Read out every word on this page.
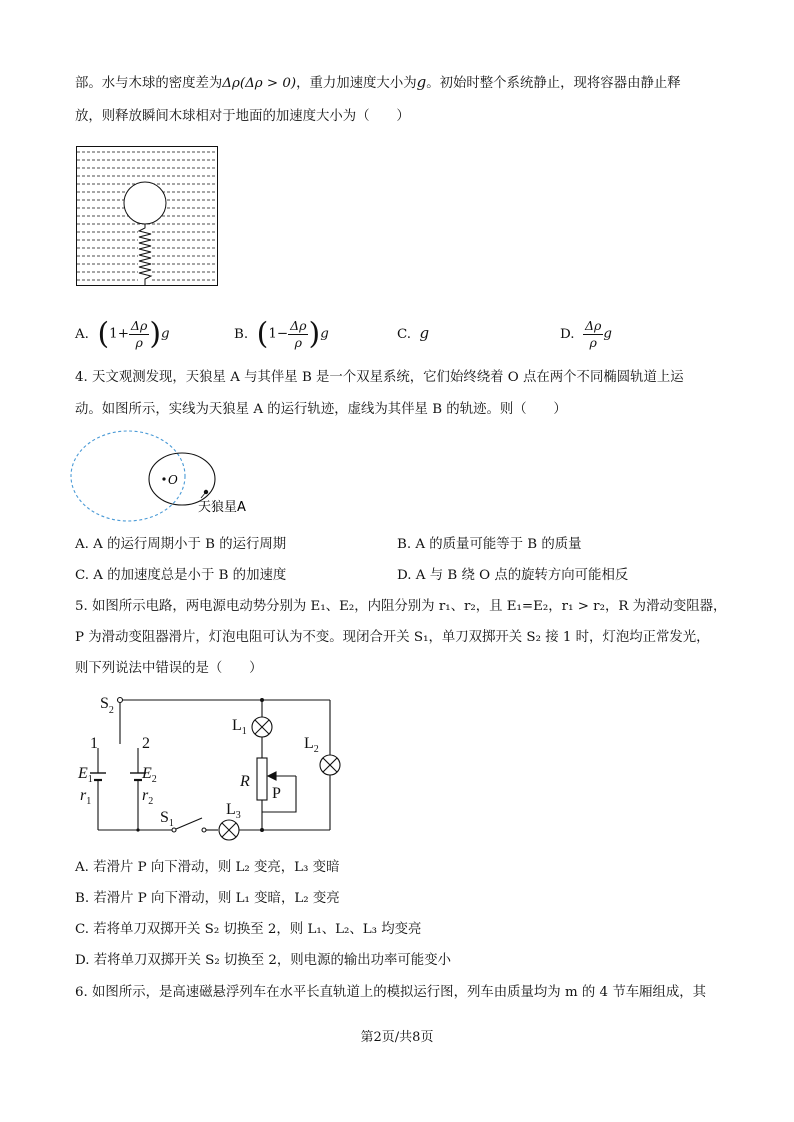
部。水与木球的密度差为Δρ(Δρ > 0)，重力加速度大小为g。初始时整个系统静止，现将容器由静止释
放，则释放瞬间木球相对于地面的加速度大小为（　　）
A. $(1+ \frac{\Delta\rho}{\rho} )g$	B. $(1- \frac{\Delta\rho}{\rho} )g$	C. g	D. $\frac{\Delta\rho}{\rho}$ g
4. 天文观测发现，天狼星 A 与其伴星 B 是一个双星系统，它们始终绕着 O 点在两个不同椭圆轨道上运
动。如图所示，实线为天狼星 A 的运行轨迹，虚线为其伴星 B 的轨迹。则（　　）
O
天狼星A
A. A 的运行周期小于 B 的运行周期	B. A 的质量可能等于 B 的质量
C. A 的加速度总是小于 B 的加速度	D. A 与 B 绕 O 点的旋转方向可能相反
5. 如图所示电路，两电源电动势分别为 E₁、E₂，内阻分别为 r₁、r₂，且 E₁=E₂，r₁ > r₂，R 为滑动变阻器，
P 为滑动变阻器滑片，灯泡电阻可认为不变。现闭合开关 S₁，单刀双掷开关 S₂ 接 1 时，灯泡均正常发光，
则下列说法中错误的是（　　）
$S_2$
1	2
$E_1$
$r_1$
$E_2$
$r_2$
$S_1$
$L_1$
$L_2$
$L_3$
R
P
A. 若滑片 P 向下滑动，则 L₂ 变亮，L₃ 变暗
B. 若滑片 P 向下滑动，则 L₁ 变暗，L₂ 变亮
C. 若将单刀双掷开关 S₂ 切换至 2，则 L₁、L₂、L₃ 均变亮
D. 若将单刀双掷开关 S₂ 切换至 2，则电源的输出功率可能变小
6. 如图所示，是高速磁悬浮列车在水平长直轨道上的模拟运行图，列车由质量均为 m 的 4 节车厢组成，其
第2页/共8页
